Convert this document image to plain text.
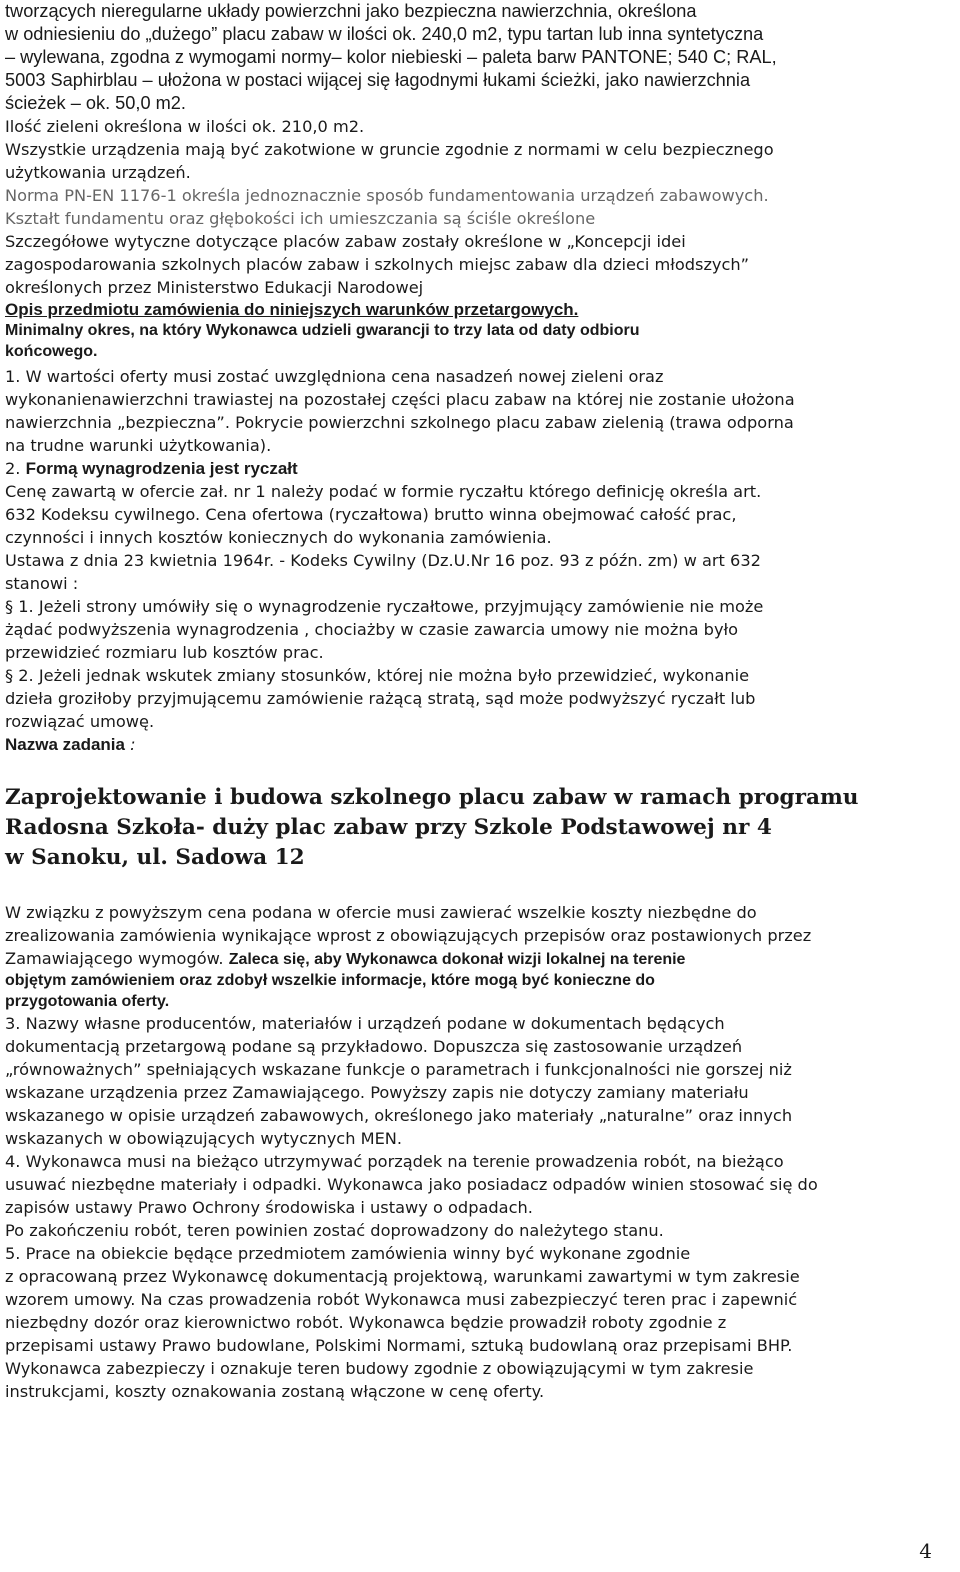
tworzących nieregularne układy powierzchni jako bezpieczna nawierzchnia, określona

w odniesieniu do „dużego” placu zabaw w ilości ok. 240,0 m2, typu tartan lub inna syntetyczna

– wylewana, zgodna z wymogami normy– kolor niebieski – paleta barw PANTONE; 540 C; RAL,

5003 Saphirblau – ułożona w postaci wijącej się łagodnymi łukami ścieżki, jako nawierzchnia

ścieżek – ok. 50,0 m2.

Ilość zieleni określona w ilości ok. 210,0 m2.

Wszystkie urządzenia mają być zakotwione w gruncie zgodnie z normami w celu bezpiecznego

użytkowania urządzeń.

Norma PN-EN 1176-1 określa jednoznacznie sposób fundamentowania urządzeń zabawowych.

Kształt fundamentu oraz głębokości ich umieszczania są ściśle określone

Szczegółowe wytyczne dotyczące placów zabaw zostały określone w „Koncepcji idei

zagospodarowania szkolnych placów zabaw i szkolnych miejsc zabaw dla dzieci młodszych”

określonych przez Ministerstwo Edukacji Narodowej

Opis przedmiotu zamówienia do niniejszych warunków przetargowych.

Minimalny okres, na który Wykonawca udzieli gwarancji to trzy lata od daty odbioru

końcowego.

1. W wartości oferty musi zostać uwzględniona cena nasadzeń nowej zieleni oraz

wykonanienawierzchni trawiastej na pozostałej części placu zabaw na której nie zostanie ułożona

nawierzchnia „bezpieczna”. Pokrycie powierzchni szkolnego placu zabaw zielenią (trawa odporna

na trudne warunki użytkowania).

2. Formą wynagrodzenia jest ryczałt

Cenę zawartą w ofercie zał. nr 1 należy podać w formie ryczałtu którego definicję określa art.

632 Kodeksu cywilnego. Cena ofertowa (ryczałtowa) brutto winna obejmować całość prac,

czynności i innych kosztów koniecznych do wykonania zamówienia.

Ustawa z dnia 23 kwietnia 1964r. - Kodeks Cywilny (Dz.U.Nr 16 poz. 93 z późn. zm) w art 632

stanowi :

§ 1. Jeżeli strony umówiły się o wynagrodzenie ryczałtowe, przyjmujący zamówienie nie może

żądać podwyższenia wynagrodzenia , chociażby w czasie zawarcia umowy nie można było

przewidzieć rozmiaru lub kosztów prac.

§ 2. Jeżeli jednak wskutek zmiany stosunków, której nie można było przewidzieć, wykonanie

dzieła groziłoby przyjmującemu zamówienie rażącą stratą, sąd może podwyższyć ryczałt lub

rozwiązać umowę.

Nazwa zadania :

Zaprojektowanie i budowa szkolnego placu zabaw w ramach programu

Radosna Szkoła- duży plac zabaw przy Szkole Podstawowej nr 4

w Sanoku, ul. Sadowa 12

W związku z powyższym cena podana w ofercie musi zawierać wszelkie koszty niezbędne do

zrealizowania zamówienia wynikające wprost z obowiązujących przepisów oraz postawionych przez

Zamawiającego wymogów. Zaleca się, aby Wykonawca dokonał wizji lokalnej na terenie

objętym zamówieniem oraz zdobył wszelkie informacje, które mogą być konieczne do

przygotowania oferty.

3. Nazwy własne producentów, materiałów i urządzeń podane w dokumentach będących

dokumentacją przetargową podane są przykładowo. Dopuszcza się zastosowanie urządzeń

„równoważnych” spełniających wskazane funkcje o parametrach i funkcjonalności nie gorszej niż

wskazane urządzenia przez Zamawiającego. Powyższy zapis nie dotyczy zamiany materiału

wskazanego w opisie urządzeń zabawowych, określonego jako materiały „naturalne” oraz innych

wskazanych w obowiązujących wytycznych MEN.

4. Wykonawca musi na bieżąco utrzymywać porządek na terenie prowadzenia robót, na bieżąco

usuwać niezbędne materiały i odpadki. Wykonawca jako posiadacz odpadów winien stosować się do

zapisów ustawy Prawo Ochrony środowiska i ustawy o odpadach.

Po zakończeniu robót, teren powinien zostać doprowadzony do należytego stanu.

5. Prace na obiekcie będące przedmiotem zamówienia winny być wykonane zgodnie

z opracowaną przez Wykonawcę dokumentacją projektową, warunkami zawartymi w tym zakresie

wzorem umowy. Na czas prowadzenia robót Wykonawca musi zabezpieczyć teren prac i zapewnić

niezbędny dozór oraz kierownictwo robót. Wykonawca będzie prowadził roboty zgodnie z

przepisami ustawy Prawo budowlane, Polskimi Normami, sztuką budowlaną oraz przepisami BHP.

Wykonawca zabezpieczy i oznakuje teren budowy zgodnie z obowiązującymi w tym zakresie

instrukcjami, koszty oznakowania zostaną włączone w cenę oferty.

4
